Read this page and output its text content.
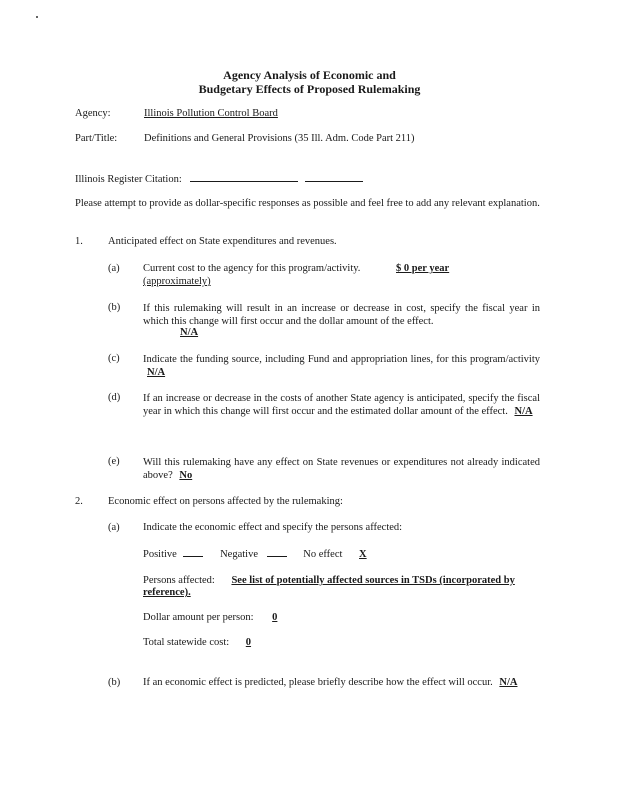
Agency Analysis of Economic and
Budgetary Effects of Proposed Rulemaking
Agency:	Illinois Pollution Control Board
Part/Title:	Definitions and General Provisions (35 Ill. Adm. Code Part 211)
Illinois Register Citation:
Please attempt to provide as dollar-specific responses as possible and feel free to add any relevant explanation.
1. Anticipated effect on State expenditures and revenues.
(a) Current cost to the agency for this program/activity.	$ 0 per year
(approximately)
(b) If this rulemaking will result in an increase or decrease in cost, specify the fiscal year in which this change will first occur and the dollar amount of the effect.
N/A
(c) Indicate the funding source, including Fund and appropriation lines, for this program/activity N/A
(d) If an increase or decrease in the costs of another State agency is anticipated, specify the fiscal year in which this change will first occur and the estimated dollar amount of the effect. N/A
(e) Will this rulemaking have any effect on State revenues or expenditures not already indicated above? No
2. Economic effect on persons affected by the rulemaking:
(a) Indicate the economic effect and specify the persons affected:
Positive	Negative	No effect X
Persons affected: See list of potentially affected sources in TSDs (incorporated by
reference).
Dollar amount per person: 0
Total statewide cost: 0
(b) If an economic effect is predicted, please briefly describe how the effect will occur. N/A
